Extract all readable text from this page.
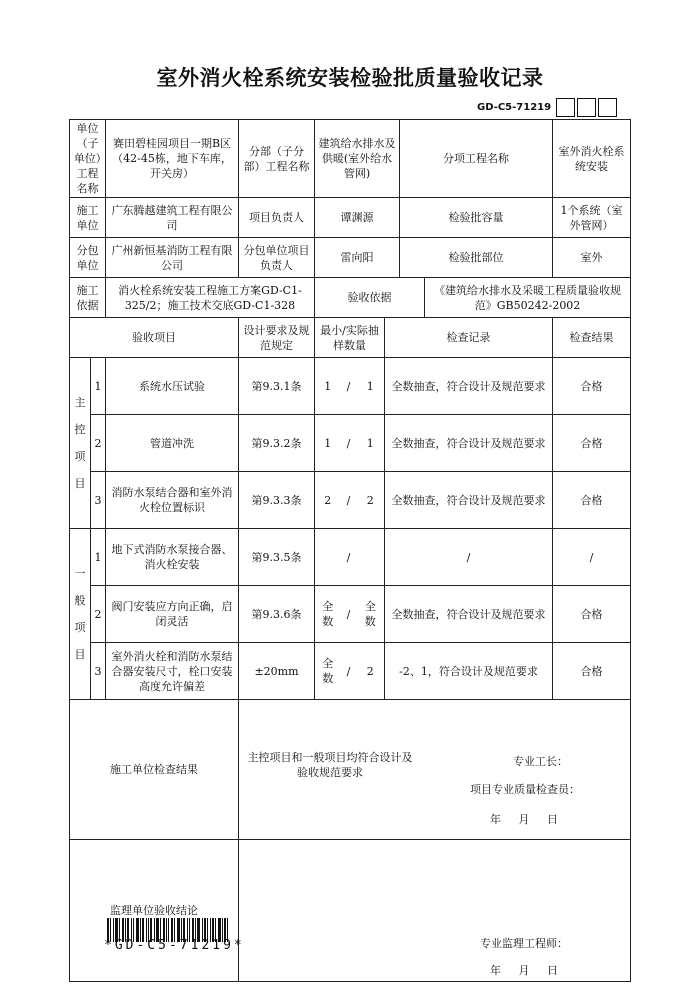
室外消火栓系统安装检验批质量验收记录
GD-C5-71219
单位（子单位）工程名称		赛田碧桂园项目一期B区（42-45栋，地下车库，开关房）	分部（子分部）工程名称	建筑给水排水及供暖(室外给水管网)				分项工程名称		室外消火栓系统安装
施工单位		广东腾越建筑工程有限公司	项目负责人	谭渊源				检验批容量		1个系统（室外管网）
分包单位		广州新恒基消防工程有限公司	分包单位项目负责人	雷向阳				检验批部位		室外
施工依据		消火栓系统安装工程施工方案GD-C1-325/2；施工技术交底GD-C1-328		验收依据					《建筑给水排水及采暖工程质量验收规范》GB50242-2002	
验收项目			设计要求及规范规定	最小/实际抽样数量			检查记录			检查结果

主
控
项
目	1	系统水压试验	第9.3.1条	1	/	1	全数抽查，符合设计及规范要求			合格
	2	管道冲洗	第9.3.2条	1	/	1	全数抽查，符合设计及规范要求			合格
	3	消防水泵结合器和室外消火栓位置标识	第9.3.3条	2	/	2	全数抽查，符合设计及规范要求			合格

一
般
项
目	1	地下式消防水泵接合器、消火栓安装	第9.3.5条		/		/			/
	2	阀门安装应方向正确，启闭灵活	第9.3.6条	全数	/	全数	全数抽查，符合设计及规范要求			合格
	3	室外消火栓和消防水泵结合器安装尺寸，栓口安装高度允许偏差	±20mm	全数	/	2	-2、1，符合设计及规范要求			合格
施工单位检查结果			主控项目和一般项目均符合设计及验收规范要求
专业工长：
项目专业质量检查员：
年 月 日							

监理单位验收结论			专业监理工程师：
年 月 日							
*GD-C5-71219*
